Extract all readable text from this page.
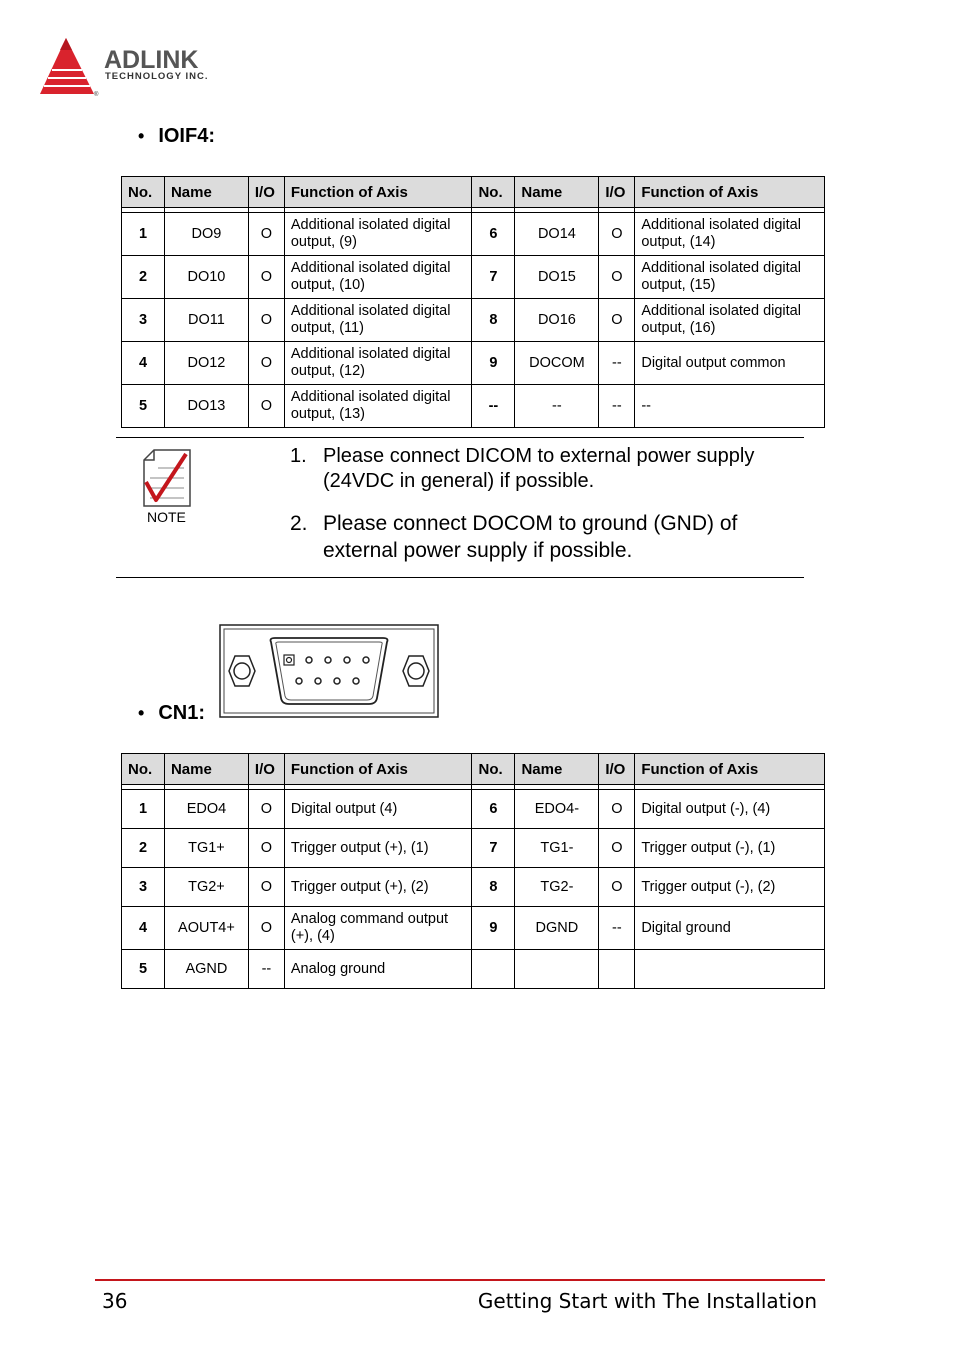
®
ADLINK
TECHNOLOGY INC.
• IOIF4:
No.	Name	I/O	Function of Axis	No.	Name	I/O	Function of Axis

1	DO9	O	Additional isolated digital output, (9)	6	DO14	O	Additional isolated digital output, (14)
2	DO10	O	Additional isolated digital output, (10)	7	DO15	O	Additional isolated digital output, (15)
3	DO11	O	Additional isolated digital output, (11)	8	DO16	O	Additional isolated digital output, (16)
4	DO12	O	Additional isolated digital output, (12)	9	DOCOM	--	Digital output common
5	DO13	O	Additional isolated digital output, (13)	--	--	--	--
NOTE
1. Please connect DICOM to external power supply (24VDC in general) if possible.
2. Please connect DOCOM to ground (GND) of external power supply if possible.
• CN1:
No.	Name	I/O	Function of Axis	No.	Name	I/O	Function of Axis

1	EDO4	O	Digital output (4)	6	EDO4-	O	Digital output (-), (4)
2	TG1+	O	Trigger output (+), (1)	7	TG1-	O	Trigger output (-), (1)
3	TG2+	O	Trigger output (+), (2)	8	TG2-	O	Trigger output (-), (2)
4	AOUT4+	O	Analog command output (+), (4)	9	DGND	--	Digital ground
5	AGND	--	Analog ground				
36	Getting Start with The Installation
